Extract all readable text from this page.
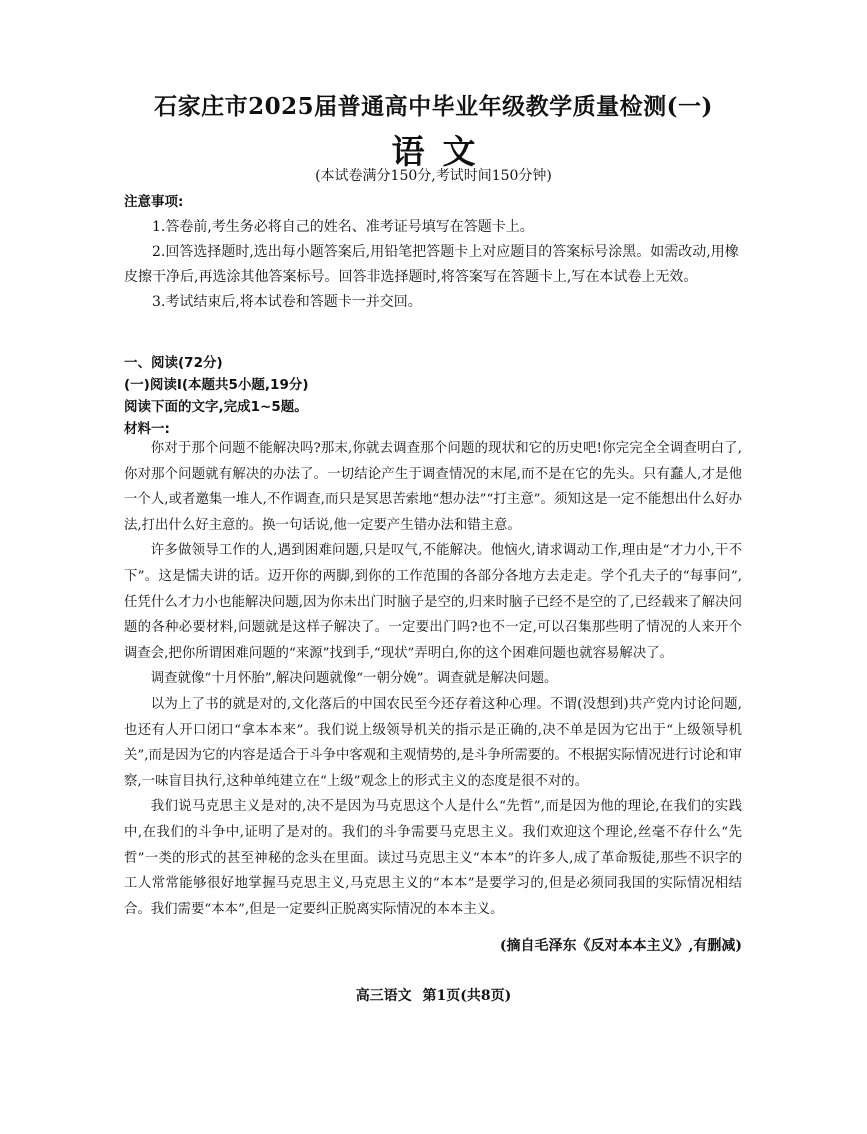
石家庄市2025届普通高中毕业年级教学质量检测(一)
语文
(本试卷满分150分,考试时间150分钟)
注意事项:

1.答卷前,考生务必将自己的姓名、准考证号填写在答题卡上。

2.回答选择题时,选出每小题答案后,用铅笔把答题卡上对应题目的答案标号涂黑。如需改动,用橡皮擦干净后,再选涂其他答案标号。回答非选择题时,将答案写在答题卡上,写在本试卷上无效。

3.考试结束后,将本试卷和答题卡一并交回。

一、阅读(72分)
(一)阅读Ⅰ(本题共5小题,19分)
阅读下面的文字,完成1~5题。
材料一:

你对于那个问题不能解决吗?那末,你就去调查那个问题的现状和它的历史吧!你完完全全调查明白了,你对那个问题就有解决的办法了。一切结论产生于调查情况的末尾,而不是在它的先头。只有蠢人,才是他一个人,或者邀集一堆人,不作调查,而只是冥思苦索地“想办法”“打主意”。须知这是一定不能想出什么好办法,打出什么好主意的。换一句话说,他一定要产生错办法和错主意。

许多做领导工作的人,遇到困难问题,只是叹气,不能解决。他恼火,请求调动工作,理由是“才力小,干不下”。这是懦夫讲的话。迈开你的两脚,到你的工作范围的各部分各地方去走走。学个孔夫子的“每事问”,任凭什么才力小也能解决问题,因为你未出门时脑子是空的,归来时脑子已经不是空的了,已经载来了解决问题的各种必要材料,问题就是这样子解决了。一定要出门吗?也不一定,可以召集那些明了情况的人来开个调查会,把你所谓困难问题的“来源”找到手,“现状”弄明白,你的这个困难问题也就容易解决了。

调查就像“十月怀胎”,解决问题就像“一朝分娩”。调查就是解决问题。

以为上了书的就是对的,文化落后的中国农民至今还存着这种心理。不谓(没想到)共产党内讨论问题,也还有人开口闭口“拿本本来”。我们说上级领导机关的指示是正确的,决不单是因为它出于“上级领导机关”,而是因为它的内容是适合于斗争中客观和主观情势的,是斗争所需要的。不根据实际情况进行讨论和审察,一味盲目执行,这种单纯建立在“上级”观念上的形式主义的态度是很不对的。

我们说马克思主义是对的,决不是因为马克思这个人是什么“先哲”,而是因为他的理论,在我们的实践中,在我们的斗争中,证明了是对的。我们的斗争需要马克思主义。我们欢迎这个理论,丝毫不存什么“先哲”一类的形式的甚至神秘的念头在里面。读过马克思主义“本本”的许多人,成了革命叛徒,那些不识字的工人常常能够很好地掌握马克思主义,马克思主义的“本本”是要学习的,但是必须同我国的实际情况相结合。我们需要“本本”,但是一定要纠正脱离实际情况的本本主义。

(摘自毛泽东《反对本本主义》,有删减)
高三语文 第1页(共8页)
